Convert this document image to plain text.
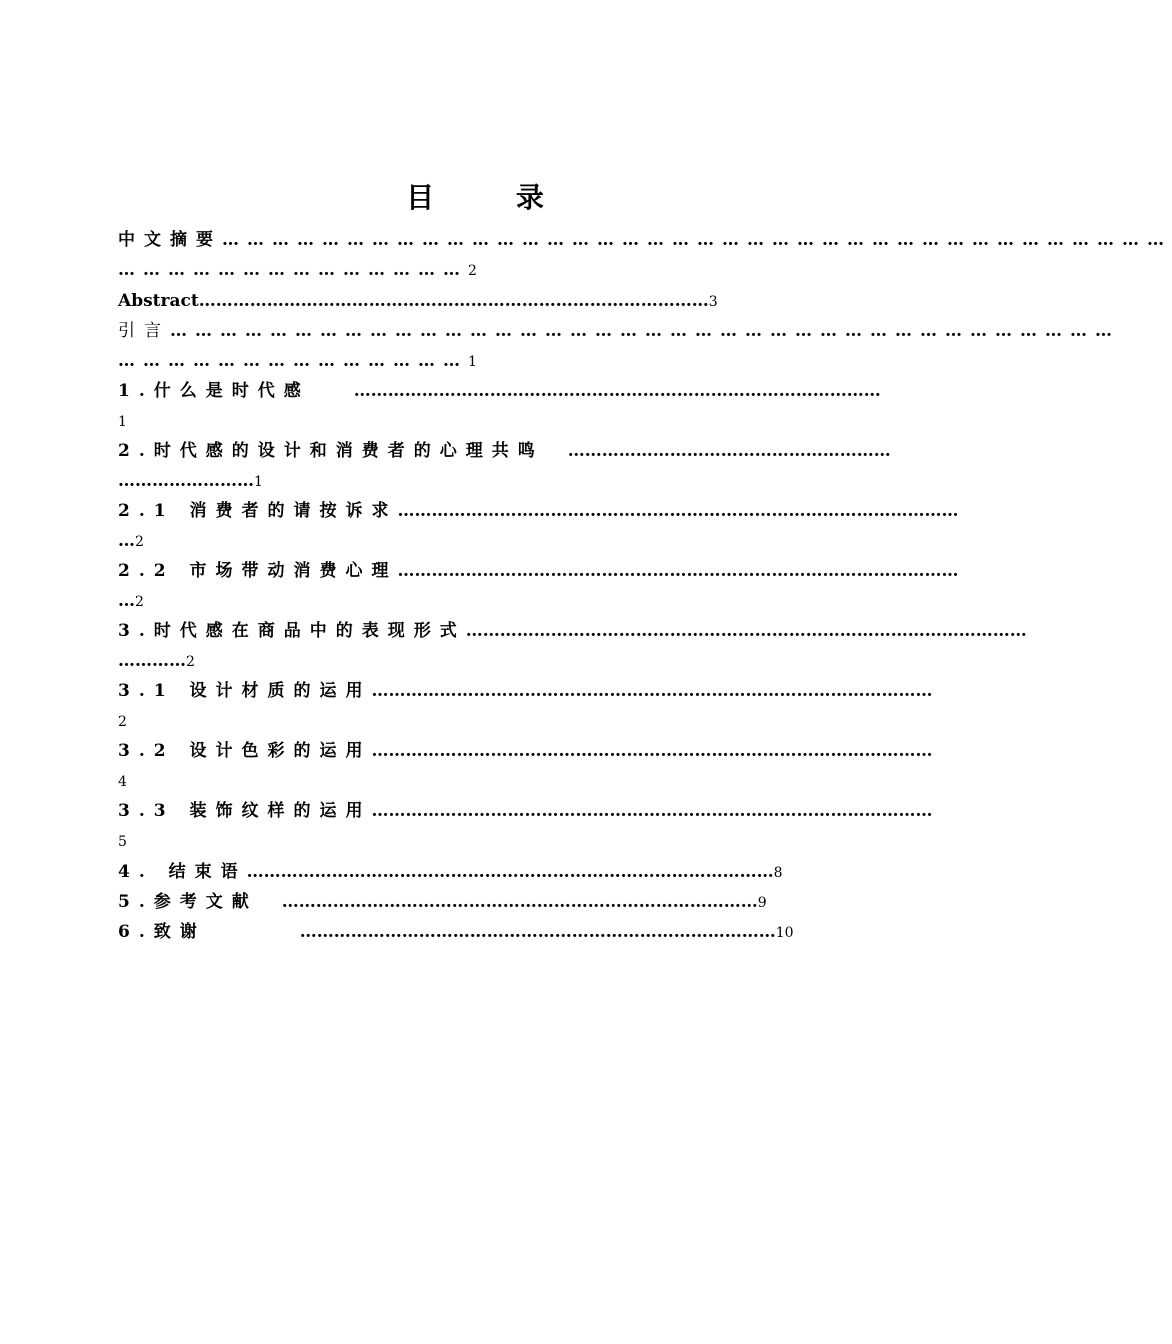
目 录
中文摘要……………………………………………………………………………………………………
……………………………………2
Abstract………………………………………………………………………………3
引言……………………………………………………………………………………………………
……………………………………1
1.什么是时代感	…………………………………………………………………………………
1
2.时代感的设计和消费者的心理共鸣 …………………………………………………
……………………1
2.1 消费者的请按诉求………………………………………………………………………………………
…2
2.2 市场带动消费心理………………………………………………………………………………………
…2
3.时代感在商品中的表现形式………………………………………………………………………………………
…………2
3.1 设计材质的运用………………………………………………………………………………………
2
3.2 设计色彩的运用………………………………………………………………………………………
4
3.3 装饰纹样的运用………………………………………………………………………………………
5
4. 结束语…………………………………………………………………………………8
5.参考文献 …………………………………………………………………………9
6.致谢	…………………………………………………………………………10
